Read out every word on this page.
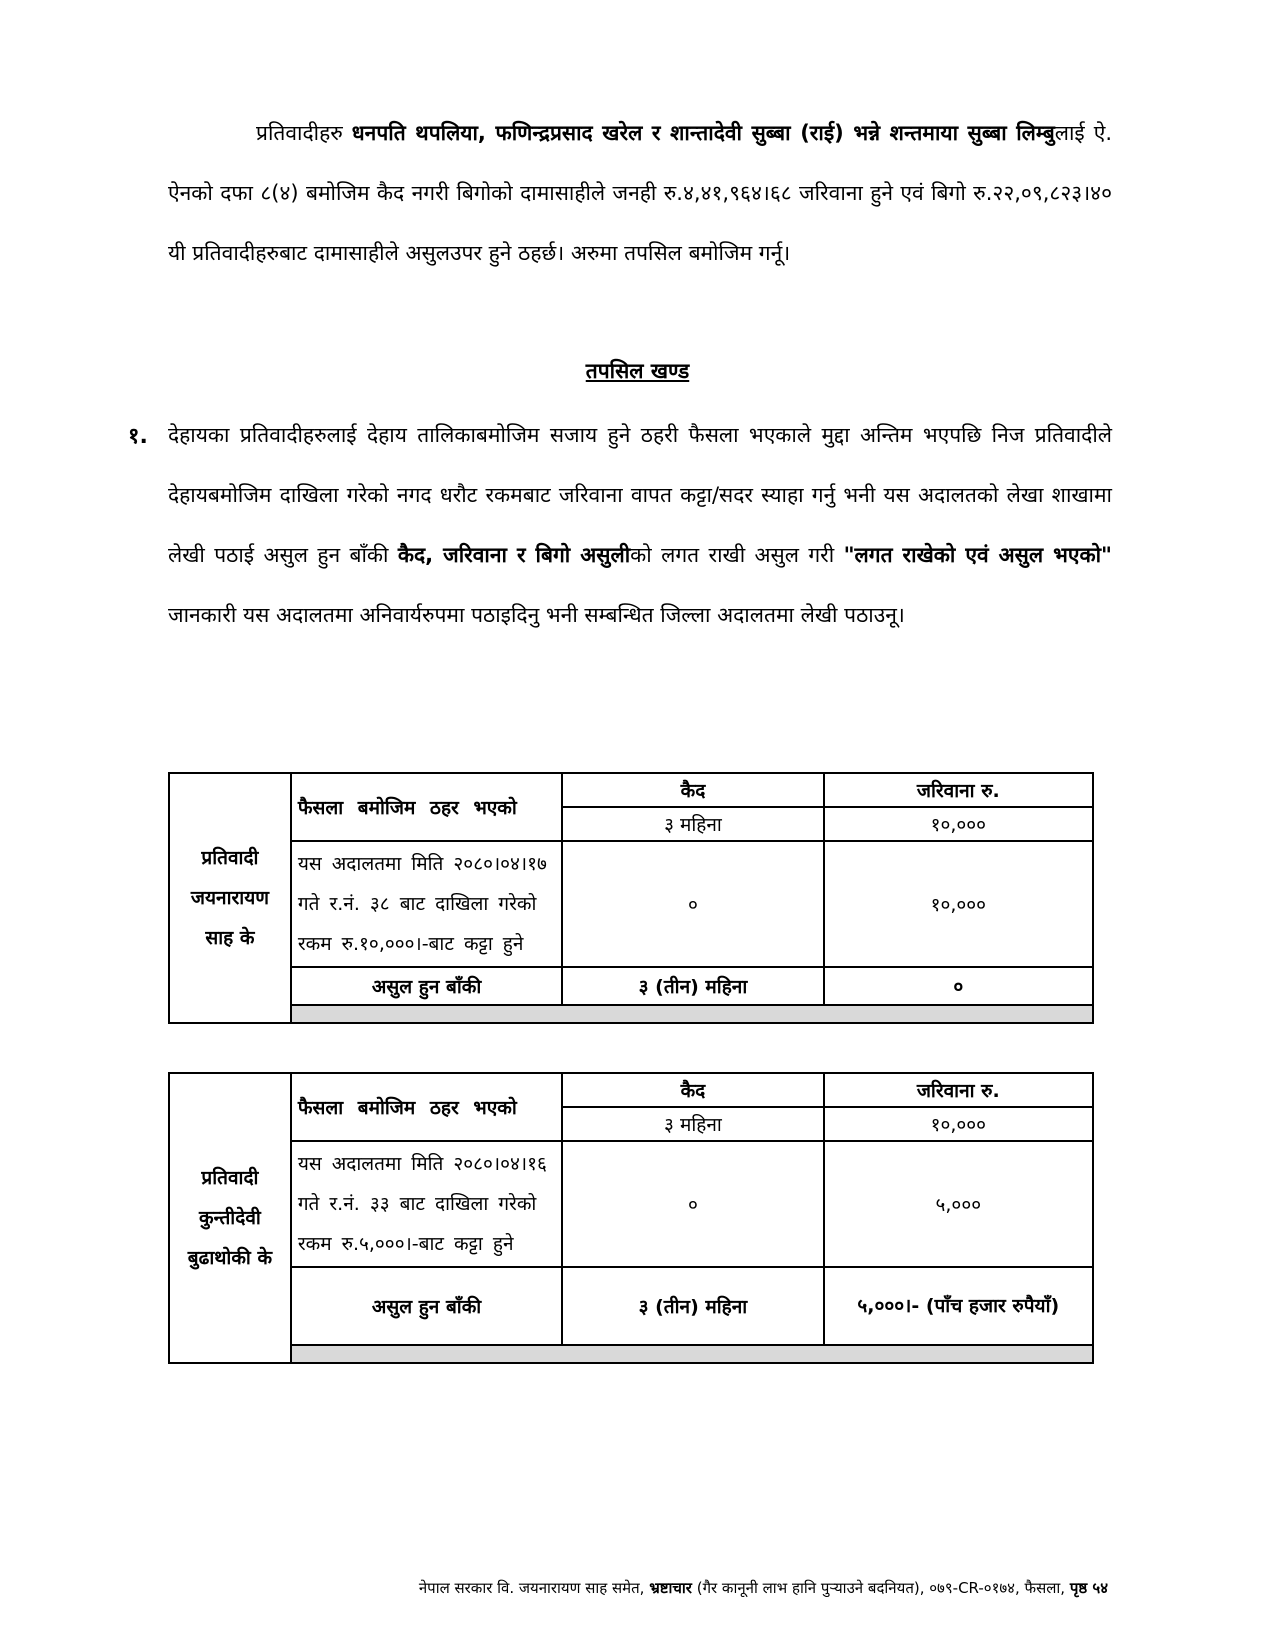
प्रतिवादीहरु धनपति थपलिया, फणिन्द्रप्रसाद खरेल र शान्तादेवी सुब्बा (राई) भन्ने शन्तमाया सुब्बा लिम्बुलाई ऐ. ऐनको दफा ८(४) बमोजिम कैद नगरी बिगोको दामासाहीले जनही रु.४,४१,९६४।६८ जरिवाना हुने एवं बिगो रु.२२,०९,८२३।४० यी प्रतिवादीहरुबाट दामासाहीले असुलउपर हुने ठहर्छ। अरुमा तपसिल बमोजिम गर्नू।
तपसिल खण्ड
१. देहायका प्रतिवादीहरुलाई देहाय तालिकाबमोजिम सजाय हुने ठहरी फैसला भएकाले मुद्दा अन्तिम भएपछि निज प्रतिवादीले देहायबमोजिम दाखिला गरेको नगद धरौट रकमबाट जरिवाना वापत कट्टा/सदर स्याहा गर्नु भनी यस अदालतको लेखा शाखामा लेखी पठाई असुल हुन बाँकी कैद, जरिवाना र बिगो असुलीको लगत राखी असुल गरी "लगत राखेको एवं असुल भएको" जानकारी यस अदालतमा अनिवार्यरुपमा पठाइदिनु भनी सम्बन्धित जिल्ला अदालतमा लेखी पठाउनू।
प्रतिवादी जयनारायण साह के	फैसला बमोजिम ठहर भएको	कैद	जरिवाना रु.
		३ महिना	१०,०००
	यस अदालतमा मिति २०८०।०४।१७ गते र.नं. ३८ बाट दाखिला गरेको रकम रु.१०,०००।-बाट कट्टा हुने	०	१०,०००
	असुल हुन बाँकी	३ (तीन) महिना	०

प्रतिवादी कुन्तीदेवी बुढाथोकी के	फैसला बमोजिम ठहर भएको	कैद	जरिवाना रु.
		३ महिना	१०,०००
	यस अदालतमा मिति २०८०।०४।१६ गते र.नं. ३३ बाट दाखिला गरेको रकम रु.५,०००।-बाट कट्टा हुने	०	५,०००
	असुल हुन बाँकी	३ (तीन) महिना	५,०००।- (पाँच हजार रुपैयाँ)

नेपाल सरकार वि. जयनारायण साह समेत, भ्रष्टाचार (गैर कानूनी लाभ हानि पुऱ्याउने बदनियत), ०७९-CR-०१७४, फैसला, पृष्ठ ५४
